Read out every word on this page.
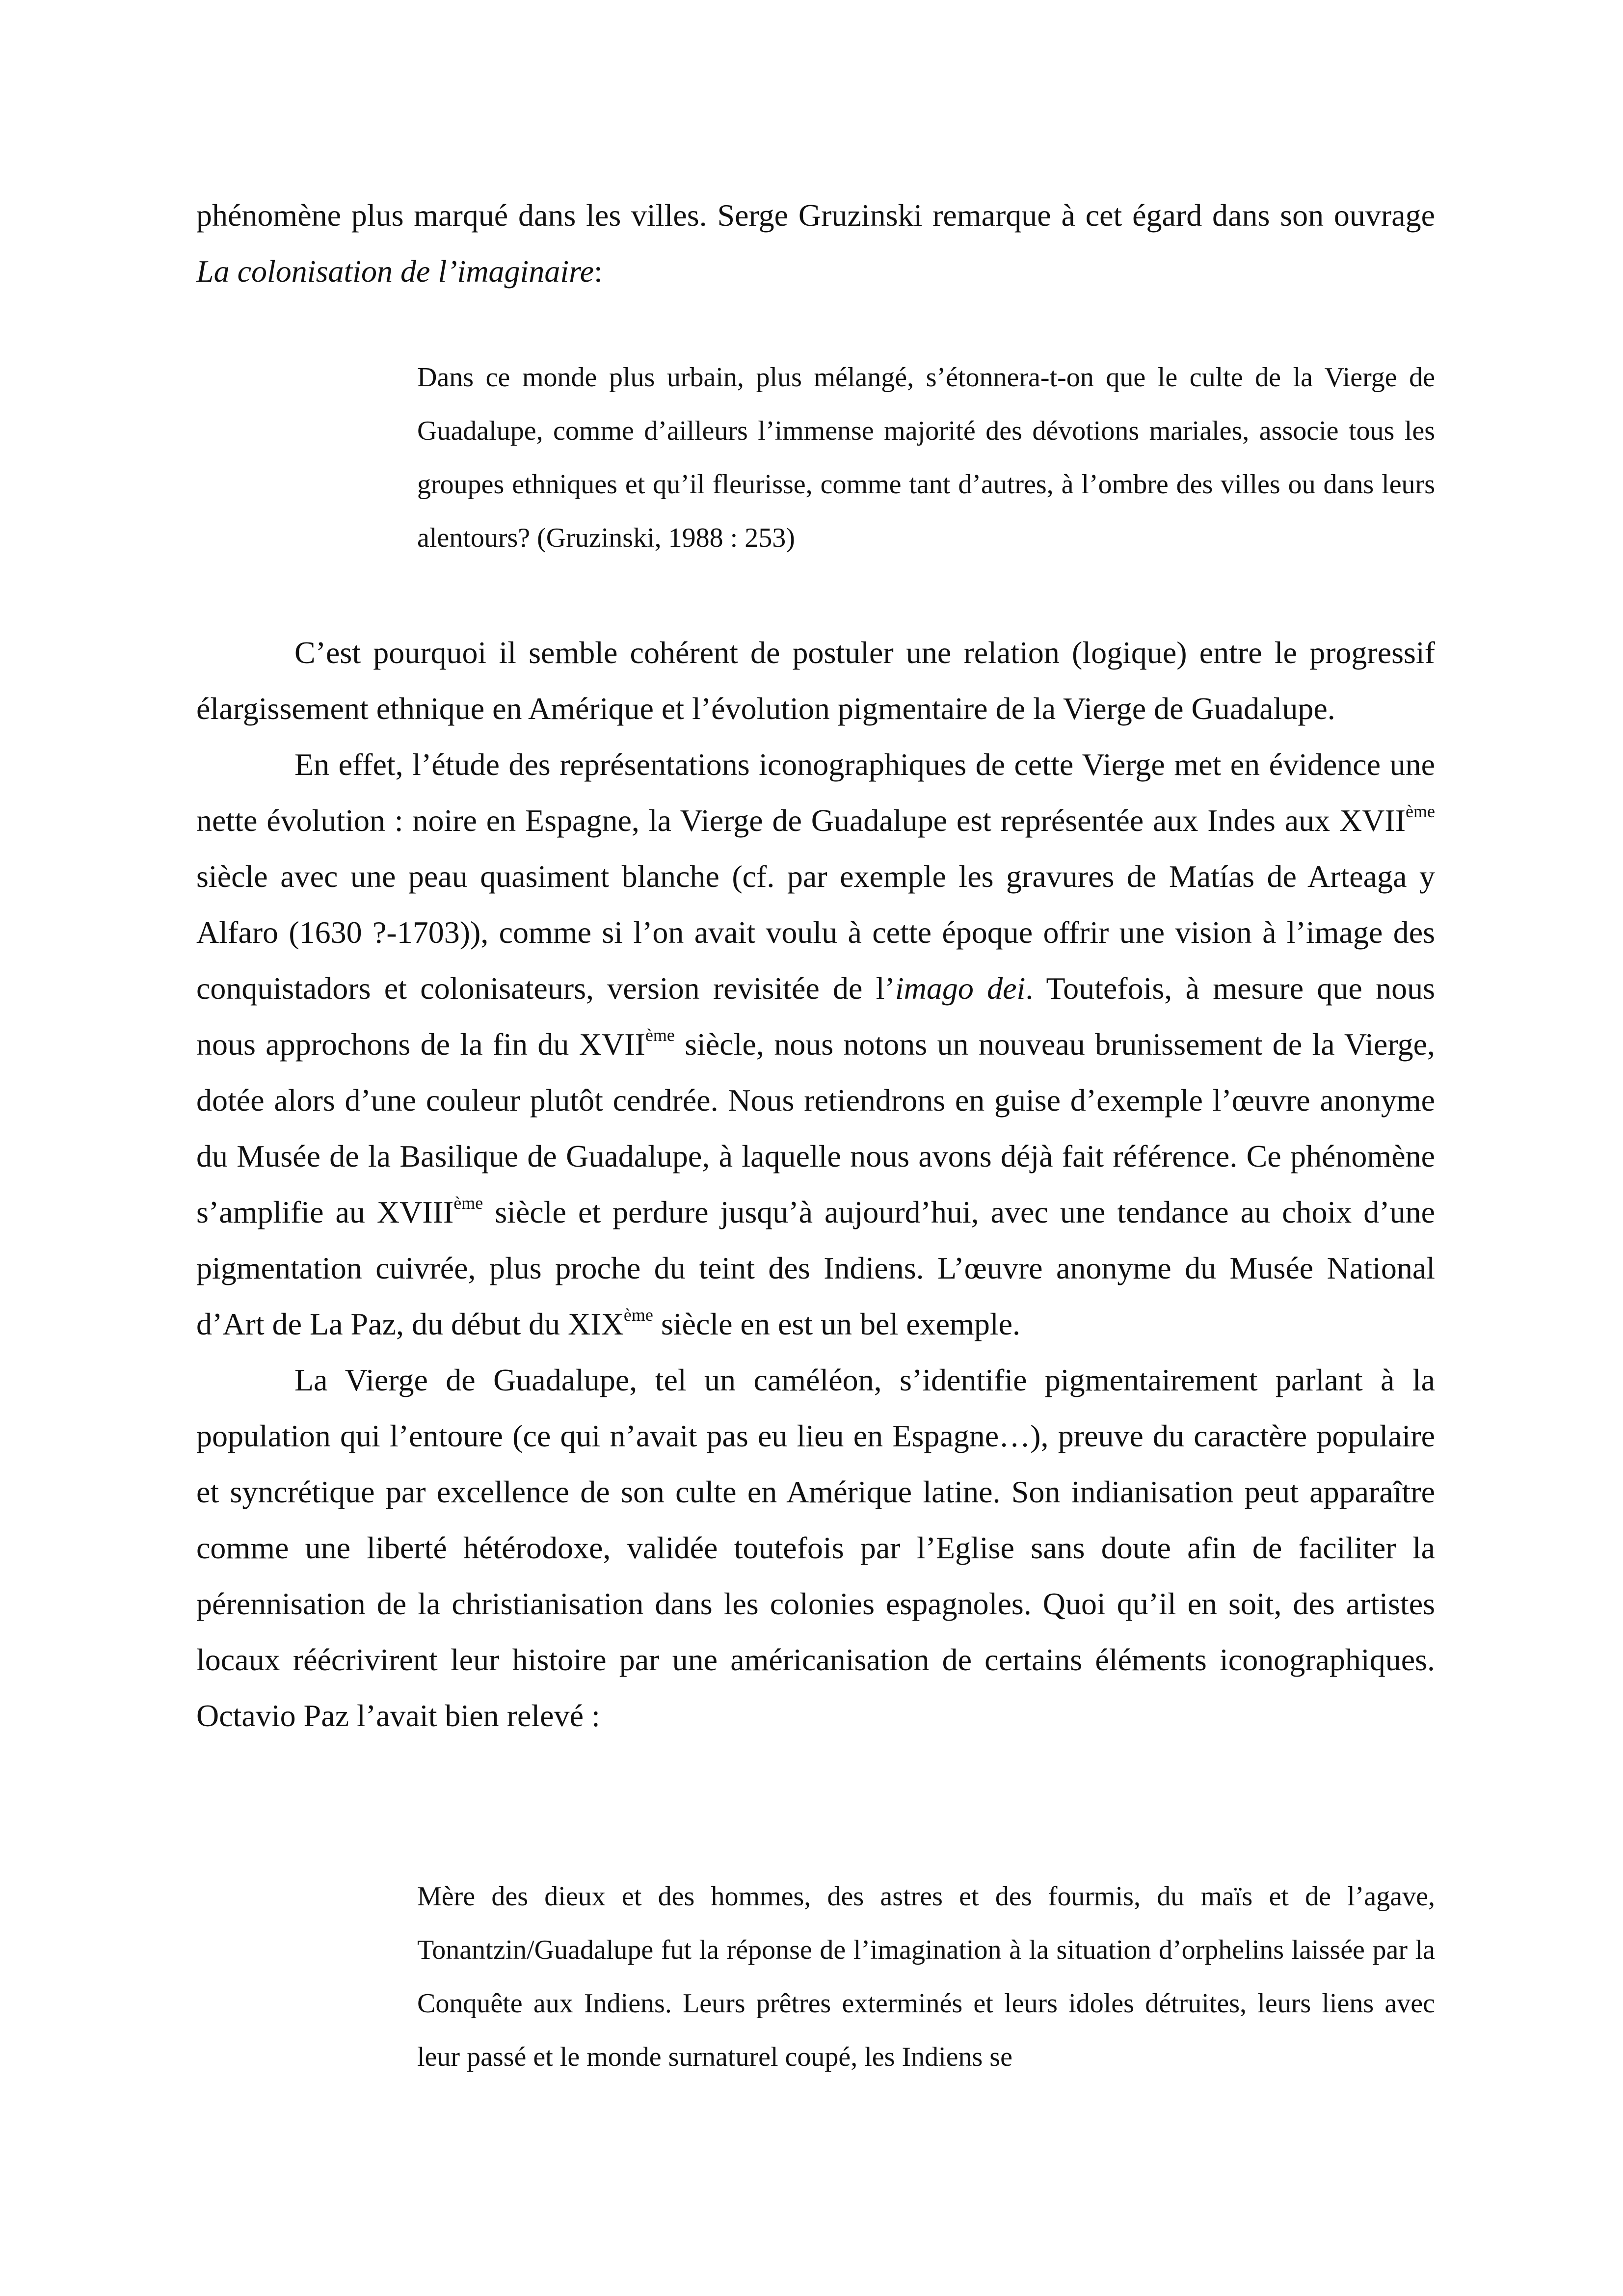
phénomène plus marqué dans les villes. Serge Gruzinski remarque à cet égard dans son ouvrage La colonisation de l’imaginaire:

Dans ce monde plus urbain, plus mélangé, s’étonnera-t-on que le culte de la Vierge de Guadalupe, comme d’ailleurs l’immense majorité des dévotions mariales, associe tous les groupes ethniques et qu’il fleurisse, comme tant d’autres, à l’ombre des villes ou dans leurs alentours? (Gruzinski, 1988 : 253)

C’est pourquoi il semble cohérent de postuler une relation (logique) entre le progressif élargissement ethnique en Amérique et l’évolution pigmentaire de la Vierge de Guadalupe.

En effet, l’étude des représentations iconographiques de cette Vierge met en évidence une nette évolution : noire en Espagne, la Vierge de Guadalupe est représentée aux Indes aux XVIIème siècle avec une peau quasiment blanche (cf. par exemple les gravures de Matías de Arteaga y Alfaro (1630 ?-1703)), comme si l’on avait voulu à cette époque offrir une vision à l’image des conquistadors et colonisateurs, version revisitée de l’imago dei. Toutefois, à mesure que nous nous approchons de la fin du XVIIème siècle, nous notons un nouveau brunissement de la Vierge, dotée alors d’une couleur plutôt cendrée. Nous retiendrons en guise d’exemple l’œuvre anonyme du Musée de la Basilique de Guadalupe, à laquelle nous avons déjà fait référence. Ce phénomène s’amplifie au XVIIIème siècle et perdure jusqu’à aujourd’hui, avec une tendance au choix d’une pigmentation cuivrée, plus proche du teint des Indiens. L’œuvre anonyme du Musée National d’Art de La Paz, du début du XIXème siècle en est un bel exemple.

La Vierge de Guadalupe, tel un caméléon, s’identifie pigmentairement parlant à la population qui l’entoure (ce qui n’avait pas eu lieu en Espagne…), preuve du caractère populaire et syncrétique par excellence de son culte en Amérique latine. Son indianisation peut apparaître comme une liberté hétérodoxe, validée toutefois par l’Eglise sans doute afin de faciliter la pérennisation de la christianisation dans les colonies espagnoles. Quoi qu’il en soit, des artistes locaux réécrivirent leur histoire par une américanisation de certains éléments iconographiques. Octavio Paz l’avait bien relevé :

Mère des dieux et des hommes, des astres et des fourmis, du maïs et de l’agave, Tonantzin/Guadalupe fut la réponse de l’imagination à la situation d’orphelins laissée par la Conquête aux Indiens. Leurs prêtres exterminés et leurs idoles détruites, leurs liens avec leur passé et le monde surnaturel coupé, les Indiens se
